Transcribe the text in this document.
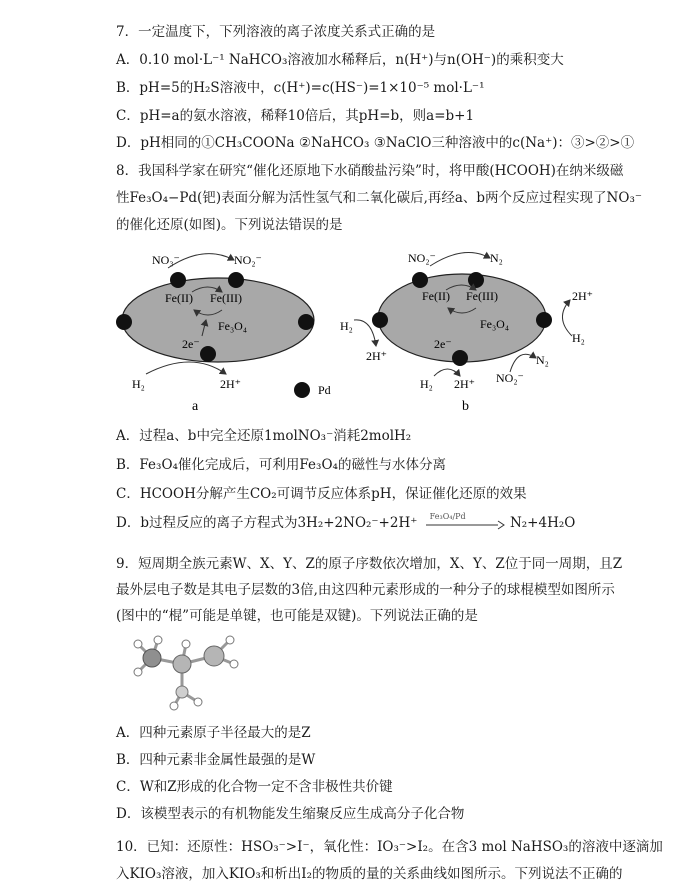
7．一定温度下，下列溶液的离子浓度关系式正确的是
A．0.10 mol·L⁻¹ NaHCO₃溶液加水稀释后，n(H⁺)与n(OH⁻)的乘积变大
B．pH=5的H₂S溶液中，c(H⁺)=c(HS⁻)=1×10⁻⁵ mol·L⁻¹
C．pH=a的氨水溶液，稀释10倍后，其pH=b，则a=b+1
D．pH相同的①CH₃COONa ②NaHCO₃ ③NaClO三种溶液中的c(Na⁺)：③>②>①
8．我国科学家在研究“催化还原地下水硝酸盐污染”时，将甲酸(HCOOH)在纳米级磁
性Fe₃O₄−Pd(钯)表面分解为活性氢气和二氧化碳后,再经a、b两个反应过程实现了NO₃⁻
的催化还原(如图)。下列说法错误的是
Fe(II) Fe(III)
Fe₃O₄
2e⁻
NO₃⁻	NO₂⁻
H₂	2H⁺	Pd
a
Fe(II) Fe(III)
Fe₃O₄
2e⁻
NO₂⁻	N₂
2H⁺
H₂
H₂
2H⁺	N₂
NO₂⁻
H₂ 2H⁺
b
A．过程a、b中完全还原1molNO₃⁻消耗2molH₂
B．Fe₃O₄催化完成后，可利用Fe₃O₄的磁性与水体分离
C．HCOOH分解产生CO₂可调节反应体系pH，保证催化还原的效果
D．b过程反应的离子方程式为3H₂+2NO₂⁻+2H⁺ Fe₃O₄/Pd	N₂+4H₂O
9．短周期全族元素W、X、Y、Z的原子序数依次增加，X、Y、Z位于同一周期，且Z
最外层电子数是其电子层数的3倍,由这四种元素形成的一种分子的球棍模型如图所示
(图中的“棍”可能是单键，也可能是双键)。下列说法正确的是
A．四种元素原子半径最大的是Z
B．四种元素非金属性最强的是W
C．W和Z形成的化合物一定不含非极性共价键
D．该模型表示的有机物能发生缩聚反应生成高分子化合物
10．已知：还原性：HSO₃⁻>I⁻，氧化性：IO₃⁻>I₂。在含3 mol NaHSO₃的溶液中逐滴加
入KIO₃溶液，加入KIO₃和析出I₂的物质的量的关系曲线如图所示。下列说法不正确的
